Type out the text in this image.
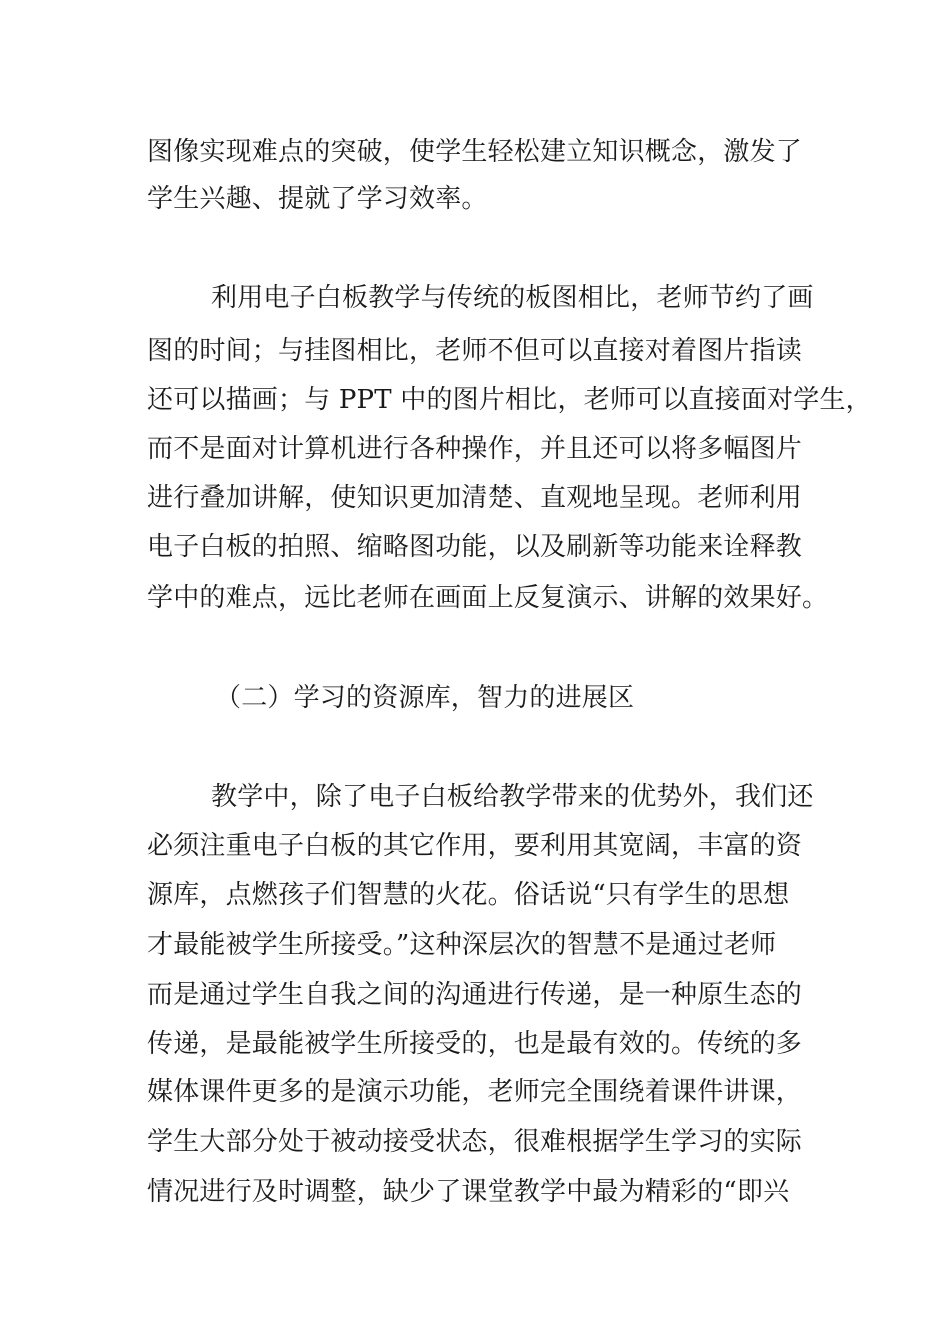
图像实现难点的突破，使学生轻松建立知识概念，激发了
学生兴趣、提就了学习效率。
利用电子白板教学与传统的板图相比，老师节约了画
图的时间；与挂图相比，老师不但可以直接对着图片指读
还可以描画；与 PPT 中的图片相比，老师可以直接面对学生，
而不是面对计算机进行各种操作，并且还可以将多幅图片
进行叠加讲解，使知识更加清楚、直观地呈现。老师利用
电子白板的拍照、缩略图功能，以及刷新等功能来诠释教
学中的难点，远比老师在画面上反复演示、讲解的效果好。
（二）学习的资源库，智力的进展区
教学中，除了电子白板给教学带来的优势外，我们还
必须注重电子白板的其它作用，要利用其宽阔，丰富的资
源库，点燃孩子们智慧的火花。俗话说“只有学生的思想
才最能被学生所接受。”这种深层次的智慧不是通过老师
而是通过学生自我之间的沟通进行传递，是一种原生态的
传递，是最能被学生所接受的，也是最有效的。传统的多
媒体课件更多的是演示功能，老师完全围绕着课件讲课，
学生大部分处于被动接受状态，很难根据学生学习的实际
情况进行及时调整，缺少了课堂教学中最为精彩的“即兴
